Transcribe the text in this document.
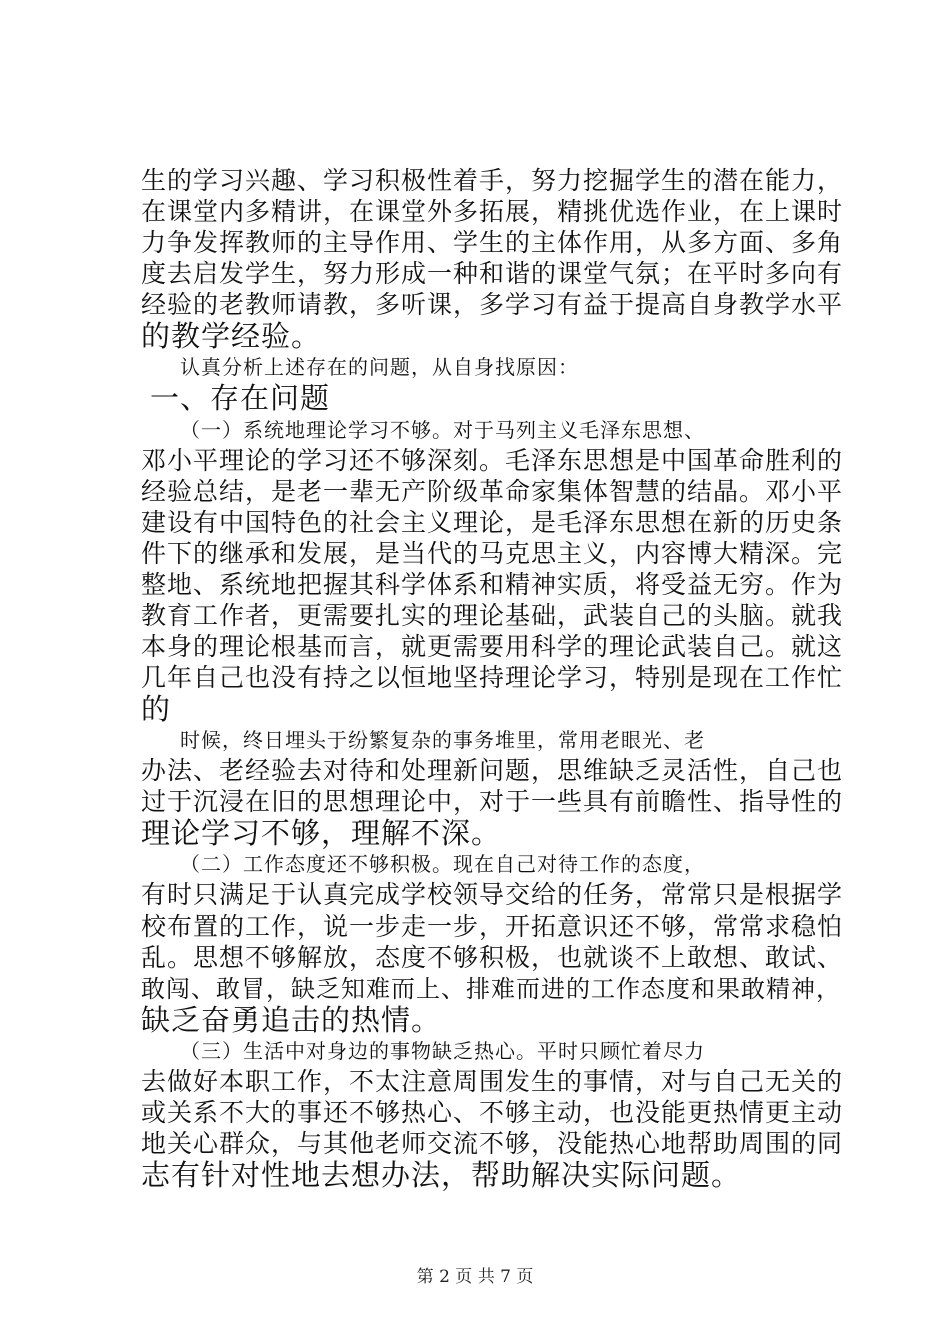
生的学习兴趣、学习积极性着手，努力挖掘学生的潜在能力，
在课堂内多精讲，在课堂外多拓展，精挑优选作业，在上课时
力争发挥教师的主导作用、学生的主体作用，从多方面、多角
度去启发学生，努力形成一种和谐的课堂气氛；在平时多向有
经验的老教师请教，多听课，多学习有益于提高自身教学水平
的教学经验。
认真分析上述存在的问题，从自身找原因：
一、存在问题
（一）系统地理论学习不够。对于马列主义毛泽东思想、
邓小平理论的学习还不够深刻。毛泽东思想是中国革命胜利的
经验总结，是老一辈无产阶级革命家集体智慧的结晶。邓小平
建设有中国特色的社会主义理论，是毛泽东思想在新的历史条
件下的继承和发展，是当代的马克思主义，内容博大精深。完
整地、系统地把握其科学体系和精神实质，将受益无穷。作为
教育工作者，更需要扎实的理论基础，武装自己的头脑。就我
本身的理论根基而言，就更需要用科学的理论武装自己。就这
几年自己也没有持之以恒地坚持理论学习，特别是现在工作忙
的
时候，终日埋头于纷繁复杂的事务堆里，常用老眼光、老
办法、老经验去对待和处理新问题，思维缺乏灵活性，自己也
过于沉浸在旧的思想理论中，对于一些具有前瞻性、指导性的
理论学习不够，理解不深。
（二）工作态度还不够积极。现在自己对待工作的态度，
有时只满足于认真完成学校领导交给的任务，常常只是根据学
校布置的工作，说一步走一步，开拓意识还不够，常常求稳怕
乱。思想不够解放，态度不够积极，也就谈不上敢想、敢试、
敢闯、敢冒，缺乏知难而上、排难而进的工作态度和果敢精神，
缺乏奋勇追击的热情。
（三）生活中对身边的事物缺乏热心。平时只顾忙着尽力
去做好本职工作，不太注意周围发生的事情，对与自己无关的
或关系不大的事还不够热心、不够主动，也没能更热情更主动
地关心群众，与其他老师交流不够，没能热心地帮助周围的同
志有针对性地去想办法，帮助解决实际问题。
第 2 页 共 7 页
